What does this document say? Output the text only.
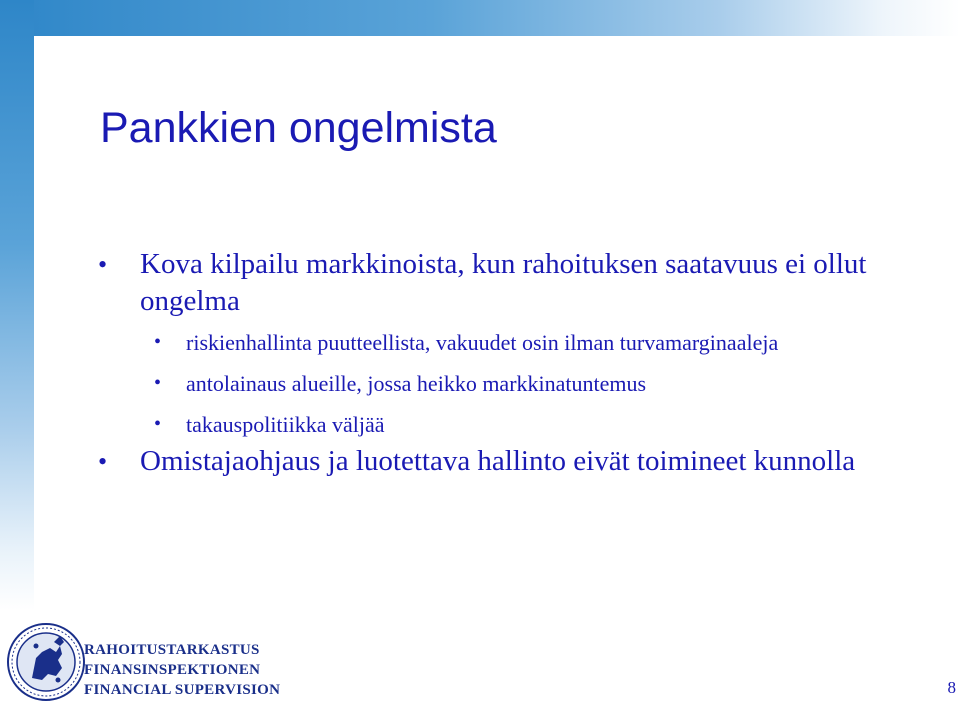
Pankkien ongelmista
• Kova kilpailu markkinoista, kun rahoituksen saatavuus ei ollut ongelma
• riskienhallinta puutteellista, vakuudet osin ilman turvamarginaaleja
• antolainaus alueille, jossa heikko markkinatuntemus
• takauspolitiikka väljää
• Omistajaohjaus ja luotettava hallinto eivät toimineet kunnolla
RAHOITUSTARKASTUS
FINANSINSPEKTIONEN
FINANCIAL SUPERVISION	8
